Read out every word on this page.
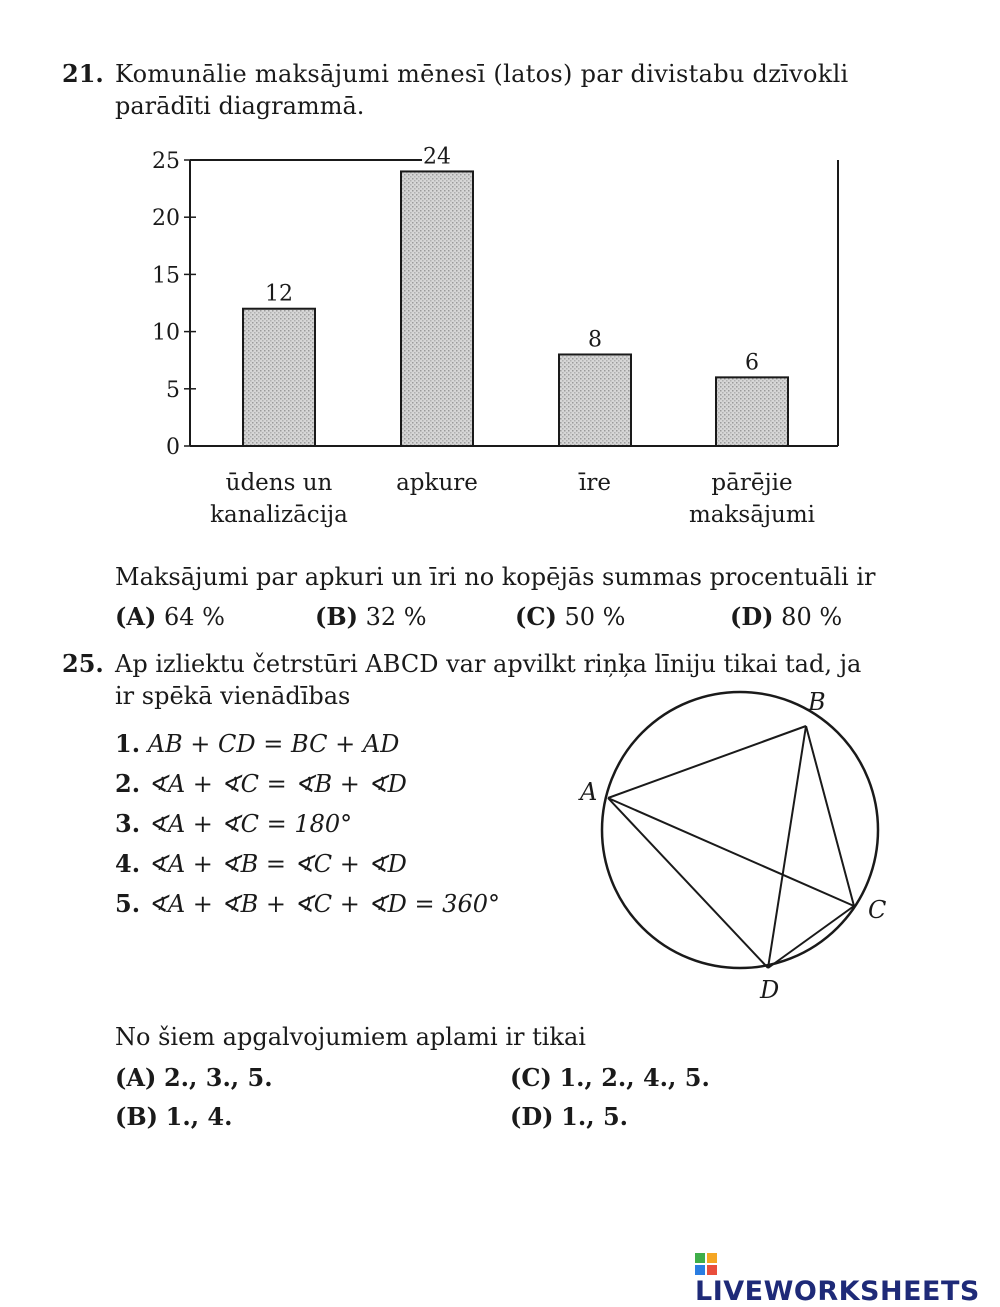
21. Komunālie maksājumi mēnesī (latos) par divistabu dzīvokli
parādīti diagrammā.
0
5
10
15
20
25
12
ūdens un
kanalizācija
24
apkure
8
īre
6
pārējie
maksājumi
Maksājumi par apkuri un īri no kopējās summas procentuāli ir
(A) 64 %	(B) 32 %	(C) 50 %	(D) 80 %
25. Ap izliektu četrstūri ABCD var apvilkt riņķa līniju tikai tad, ja
ir spēkā vienādības
1. AB + CD = BC + AD
2. ∢A + ∢C = ∢B + ∢D
3. ∢A + ∢C = 180°
4. ∢A + ∢B = ∢C + ∢D
5. ∢A + ∢B + ∢C + ∢D = 360°
A
B
C
D
No šiem apgalvojumiem aplami ir tikai
(A) 2., 3., 5.	(C) 1., 2., 4., 5.
(B) 1., 4.	(D) 1., 5.
LIVEWORKSHEETS
